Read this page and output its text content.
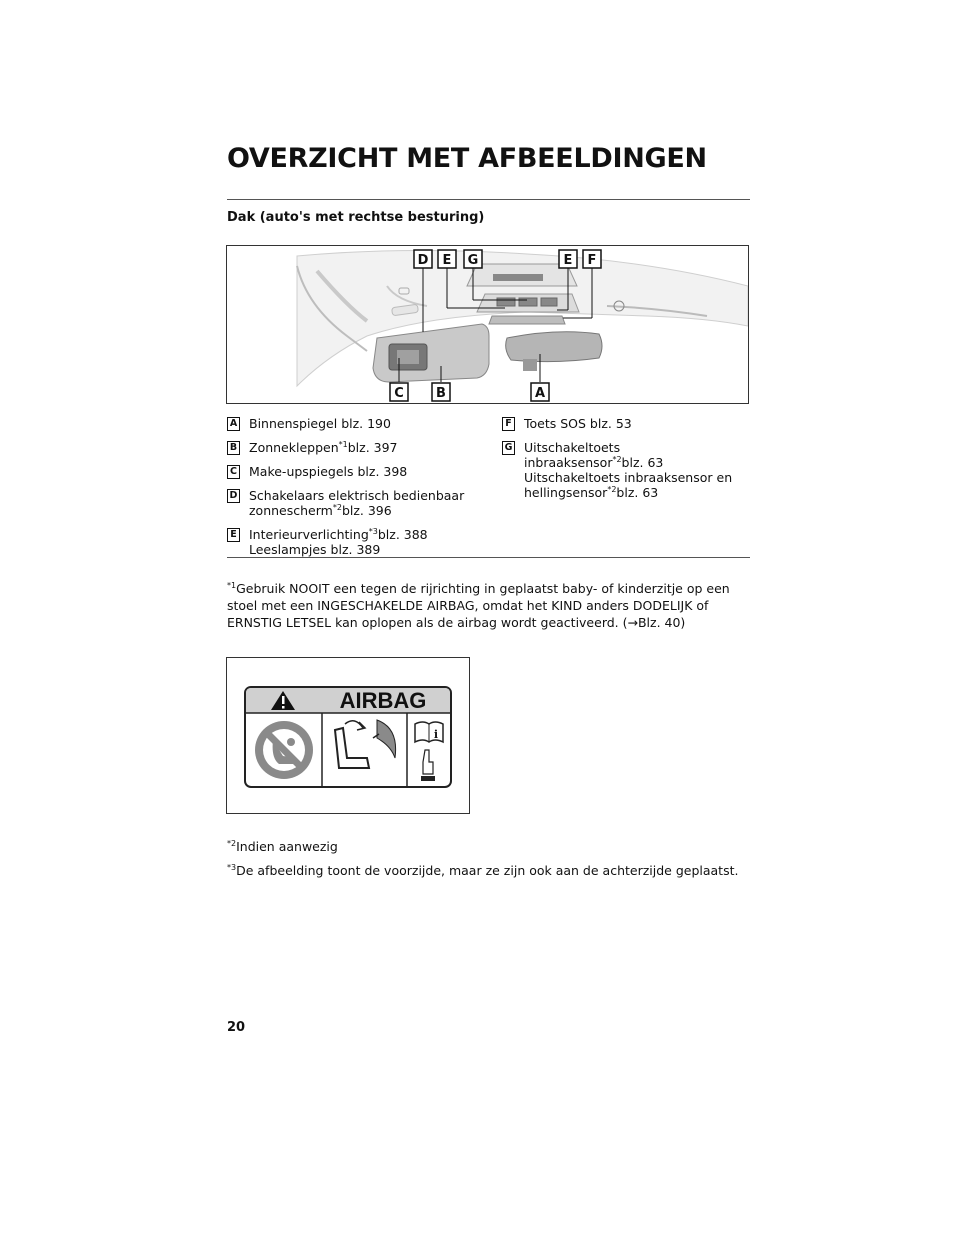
OVERZICHT MET AFBEELDINGEN
Dak (auto's met rechtse besturing)
D E G	E F
C B	A
A Binnenspiegel blz. 190
B Zonnekleppen$^{*1}$blz. 397
C Make-upspiegels blz. 398
D Schakelaars elektrisch bedienbaar
zonnescherm$^{*2}$blz. 396
E Interieurverlichting$^{*3}$blz. 388
Leeslampjes blz. 389
F Toets SOS blz. 53
G Uitschakeltoets
inbraaksensor$^{*2}$blz. 63
Uitschakeltoets inbraaksensor en
hellingsensor$^{*2}$blz. 63
$^{*1}$Gebruik NOOIT een tegen de rijrichting in geplaatst baby- of kinderzitje op een stoel met een INGESCHAKELDE AIRBAG, omdat het KIND anders DODELIJK of ERNSTIG LETSEL kan oplopen als de airbag wordt geactiveerd. (→Blz. 40)
AIRBAG
i
$^{*2}$Indien aanwezig
$^{*3}$De afbeelding toont de voorzijde, maar ze zijn ook aan de achterzijde geplaatst.
20
